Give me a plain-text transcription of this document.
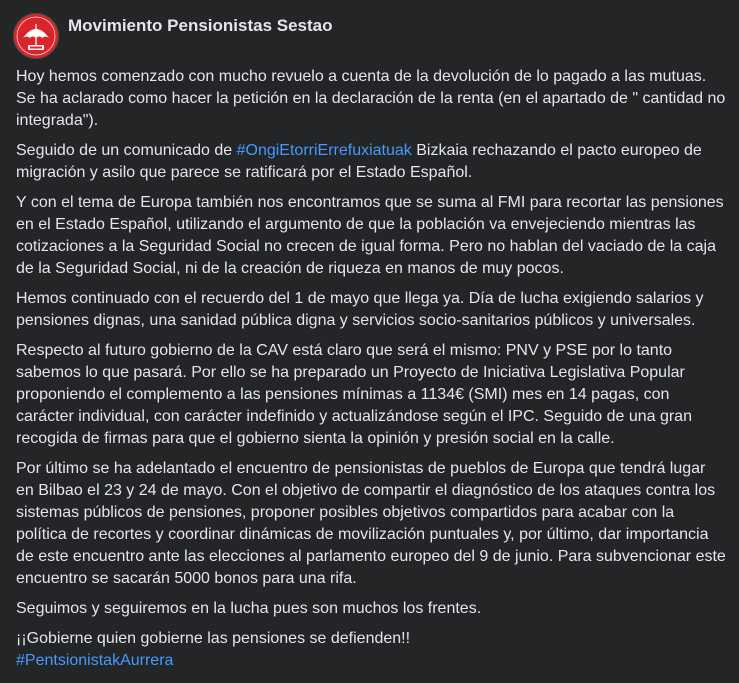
Movimiento Pensionistas Sestao

Hoy hemos comenzado con mucho revuelo a cuenta de la devolución de lo pagado a las mutuas. Se ha aclarado como hacer la petición en la declaración de la renta (en el apartado de " cantidad no integrada").

Seguido de un comunicado de #OngiEtorriErrefuxiatuak Bizkaia rechazando el pacto europeo de migración y asilo que parece se ratificará por el Estado Español.

Y con el tema de Europa también nos encontramos que se suma al FMI para recortar las pensiones en el Estado Español, utilizando el argumento de que la población va envejeciendo mientras las cotizaciones a la Seguridad Social no crecen de igual forma. Pero no hablan del vaciado de la caja de la Seguridad Social, ni de la creación de riqueza en manos de muy pocos.

Hemos continuado con el recuerdo del 1 de mayo que llega ya. Día de lucha exigiendo salarios y pensiones dignas, una sanidad pública digna y servicios socio-sanitarios públicos y universales.

Respecto al futuro gobierno de la CAV está claro que será el mismo: PNV y PSE por lo tanto sabemos lo que pasará. Por ello se ha preparado un Proyecto de Iniciativa Legislativa Popular proponiendo el complemento a las pensiones mínimas a 1134€ (SMI) mes en 14 pagas, con carácter individual, con carácter indefinido y actualizándose según el IPC. Seguido de una gran recogida de firmas para que el gobierno sienta la opinión y presión social en la calle.

Por último se ha adelantado el encuentro de pensionistas de pueblos de Europa que tendrá lugar en Bilbao el 23 y 24 de mayo. Con el objetivo de compartir el diagnóstico de los ataques contra los sistemas públicos de pensiones, proponer posibles objetivos compartidos para acabar con la política de recortes y coordinar dinámicas de movilización puntuales y, por último, dar importancia de este encuentro ante las elecciones al parlamento europeo del 9 de junio. Para subvencionar este encuentro se sacarán 5000 bonos para una rifa.

Seguimos y seguiremos en la lucha pues son muchos los frentes.

¡¡Gobierne quien gobierne las pensiones se defienden!!
#PentsionistakAurrera
